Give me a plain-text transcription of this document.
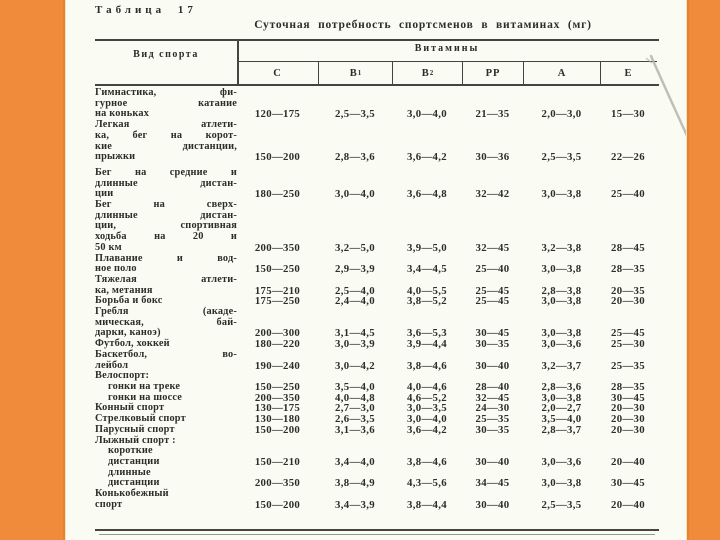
Таблица 17
Суточная потребность спортсменов в витаминах (мг)
Вид спорта
Витамины
С	В 1	В 2	РР	А	Е
Гимнастика, фи-
гурное катание
на коньках	120—175	2,5—3,5	3,0—4,0	21—35	2,0—3,0	15—30
Легкая атлети-
ка, бег на корот-
кие дистанции,
прыжки	150—200	2,8—3,6	3,6—4,2	30—36	2,5—3,5	22—26
Бег на средние и
длинные дистан-
ции	180—250	3,0—4,0	3,6—4,8	32—42	3,0—3,8	25—40
Бег на сверх-
длинные дистан-
ции, спортивная
ходьба на 20 и
50 км	200—350	3,2—5,0	3,9—5,0	32—45	3,2—3,8	28—45
Плавание и вод-
ное поло	150—250	2,9—3,9	3,4—4,5	25—40	3,0—3,8	28—35
Тяжелая атлети-
ка, метания	175—210	2,5—4,0	4,0—5,5	25—45	2,8—3,8	20—35
Борьба и бокс	175—250	2,4—4,0	3,8—5,2	25—45	3,0—3,8	20—30
Гребля (акаде-
мическая, бай-
дарки, каноэ)	200—300	3,1—4,5	3,6—5,3	30—45	3,0—3,8	25—45
Футбол, хоккей	180—220	3,0—3,9	3,9—4,4	30—35	3,0—3,6	25—30
Баскетбол, во-
лейбол	190—240	3,0—4,2	3,8—4,6	30—40	3,2—3,7	25—35
Велоспорт:
гонки на треке	150—250	3,5—4,0	4,0—4,6	28—40	2,8—3,6	28—35
гонки на шоссе	200—350	4,0—4,8	4,6—5,2	32—45	3,0—3,8	30—45
Конный спорт	130—175	2,7—3,0	3,0—3,5	24—30	2,0—2,7	20—30
Стрелковый спорт	130—180	2,6—3,5	3,0—4,0	25—35	3,5—4,0	20—30
Парусный спорт	150—200	3,1—3,6	3,6—4,2	30—35	2,8—3,7	20—30
Лыжный спорт :
короткие
дистанции	150—210	3,4—4,0	3,8—4,6	30—40	3,0—3,6	20—40
длинные
дистанции	200—350	3,8—4,9	4,3—5,6	34—45	3,0—3,8	30—45
Конькобежный
спорт	150—200	3,4—3,9	3,8—4,4	30—40	2,5—3,5	20—40
